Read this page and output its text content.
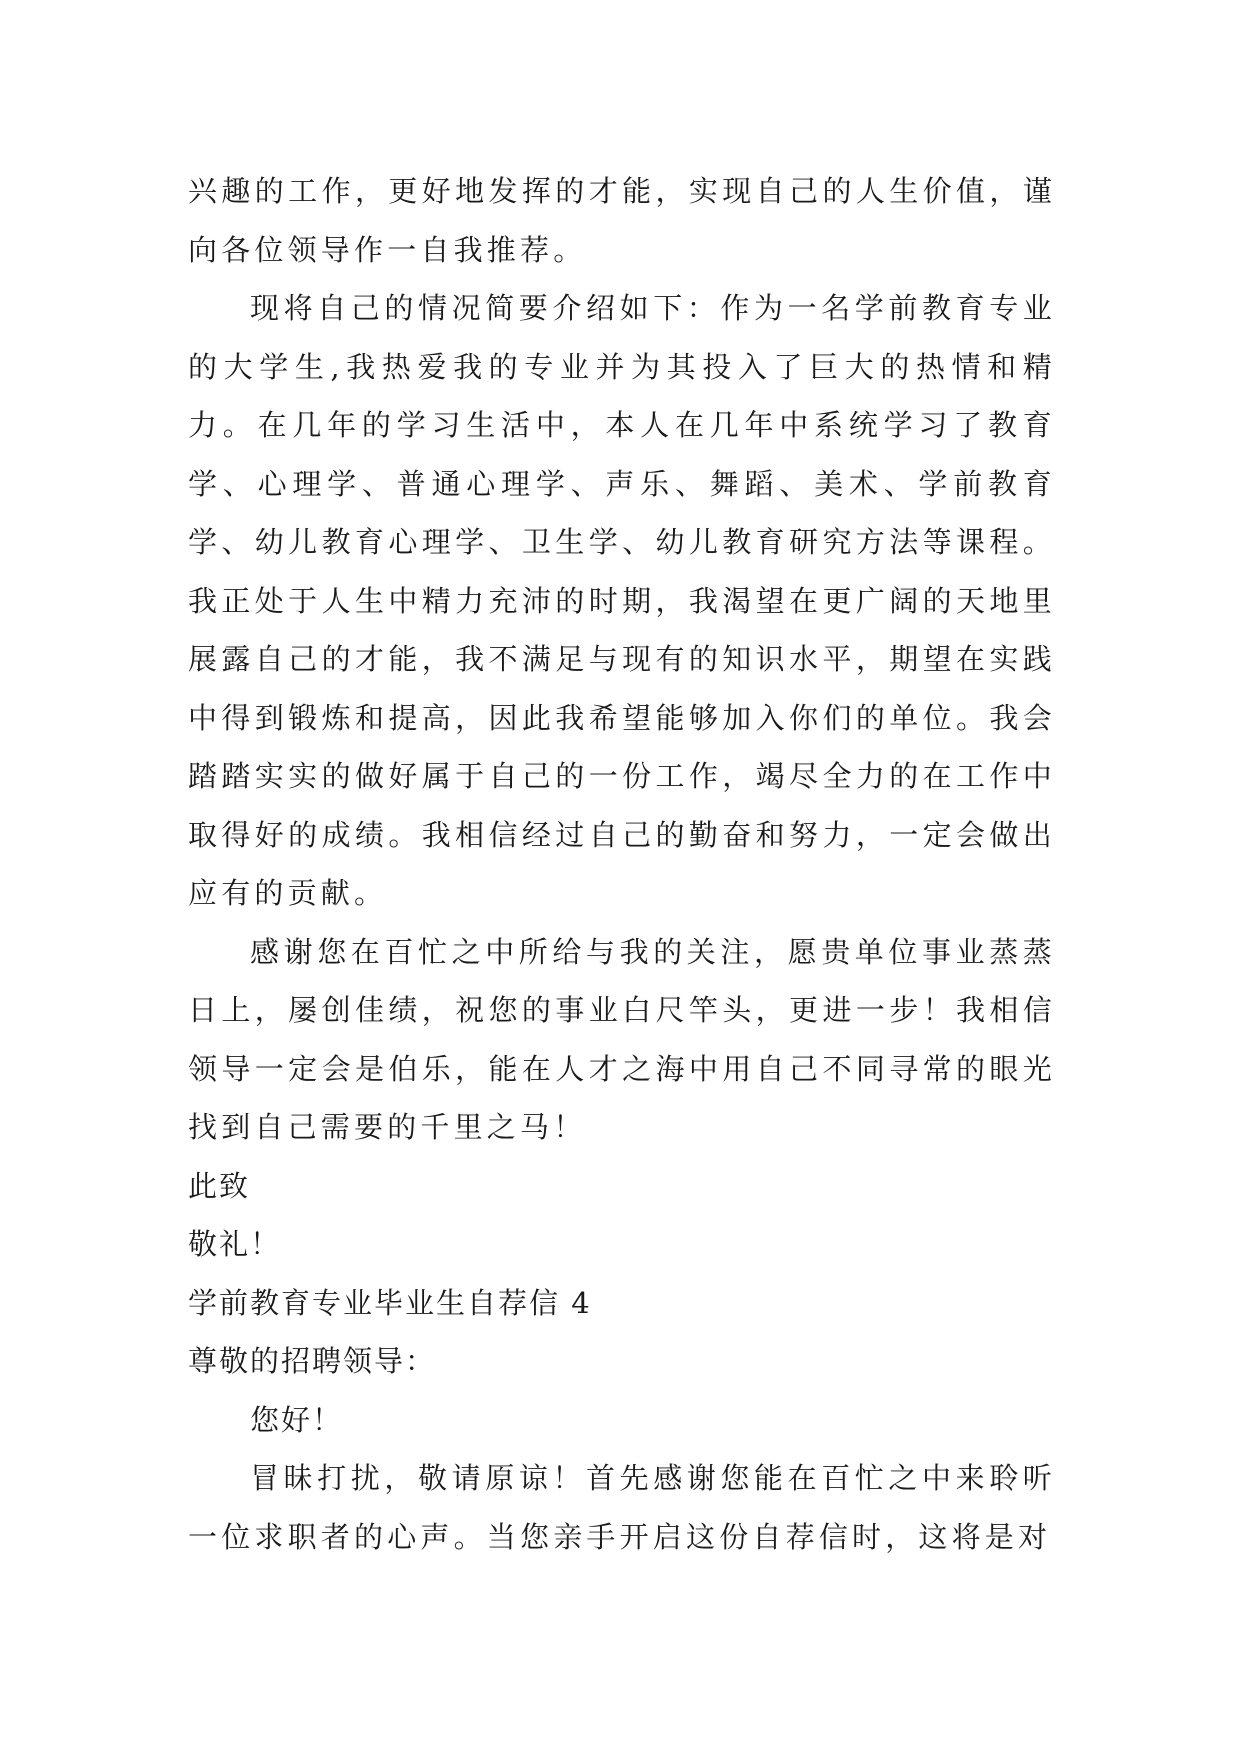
兴趣的工作，更好地发挥的才能，实现自己的人生价值，谨向各位领导作一自我推荐。

现将自己的情况简要介绍如下：作为一名学前教育专业的大学生,我热爱我的专业并为其投入了巨大的热情和精力。在几年的学习生活中，本人在几年中系统学习了教育学、心理学、普通心理学、声乐、舞蹈、美术、学前教育学、幼儿教育心理学、卫生学、幼儿教育研究方法等课程。我正处于人生中精力充沛的时期，我渴望在更广阔的天地里展露自己的才能，我不满足与现有的知识水平，期望在实践中得到锻炼和提高，因此我希望能够加入你们的单位。我会踏踏实实的做好属于自己的一份工作，竭尽全力的在工作中取得好的成绩。我相信经过自己的勤奋和努力，一定会做出应有的贡献。

感谢您在百忙之中所给与我的关注，愿贵单位事业蒸蒸日上，屡创佳绩，祝您的事业白尺竿头，更进一步！我相信领导一定会是伯乐，能在人才之海中用自己不同寻常的眼光找到自己需要的千里之马！

此致

敬礼！

学前教育专业毕业生自荐信 4

尊敬的招聘领导：

您好！

冒昧打扰，敬请原谅！首先感谢您能在百忙之中来聆听一位求职者的心声。当您亲手开启这份自荐信时，这将是对
